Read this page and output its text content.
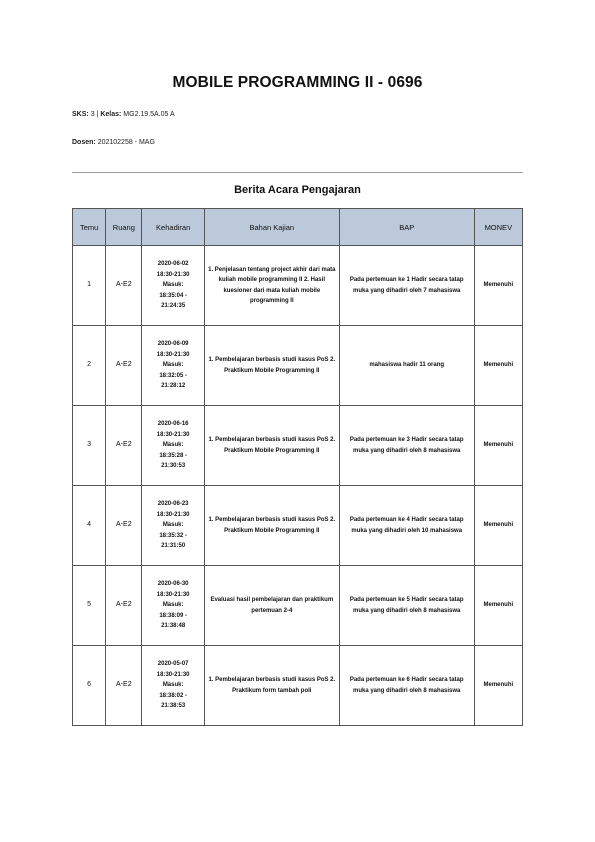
MOBILE PROGRAMMING II - 0696
SKS: 3 | Kelas: MG2.19.5A.05 A
Dosen: 202102258 - MAG
Berita Acara Pengajaran
Temu	Ruang	Kehadiran	Bahan Kajian	BAP	MONEV
1	A-E2	2020-06-02
18:30-21:30
Masuk:
18:35:04 -
21:24:35	1. Penjelasan tentang project akhir dari mata kuliah mobile programming II 2. Hasil kuesioner dari mata kuliah mobile programming II	Pada pertemuan ke 1 Hadir secara tatap muka yang dihadiri oleh 7 mahasiswa	Memenuhi
2	A-E2	2020-06-09
18:30-21:30
Masuk:
18:32:05 -
21:28:12	1. Pembelajaran berbasis studi kasus PoS 2. Praktikum Mobile Programming II	mahasiswa hadir 11 orang	Memenuhi
3	A-E2	2020-06-16
18:30-21:30
Masuk:
18:35:28 -
21:30:53	1. Pembelajaran berbasis studi kasus PoS 2. Praktikum Mobile Programming II	Pada pertemuan ke 3 Hadir secara tatap muka yang dihadiri oleh 8 mahasiswa	Memenuhi
4	A-E2	2020-06-23
18:30-21:30
Masuk:
18:35:32 -
21:31:50	1. Pembelajaran berbasis studi kasus PoS 2. Praktikum Mobile Programming II	Pada pertemuan ke 4 Hadir secara tatap muka yang dihadiri oleh 10 mahasiswa	Memenuhi
5	A-E2	2020-06-30
18:30-21:30
Masuk:
18:38:09 -
21:38:48	Evaluasi hasil pembelajaran dan praktikum pertemuan 2-4	Pada pertemuan ke 5 Hadir secara tatap muka yang dihadiri oleh 8 mahasiswa	Memenuhi
6	A-E2	2020-05-07
18:30-21:30
Masuk:
18:38:02 -
21:38:53	1. Pembelajaran berbasis studi kasus PoS 2. Praktikum form tambah poli	Pada pertemuan ke 6 Hadir secara tatap muka yang dihadiri oleh 8 mahasiswa	Memenuhi
